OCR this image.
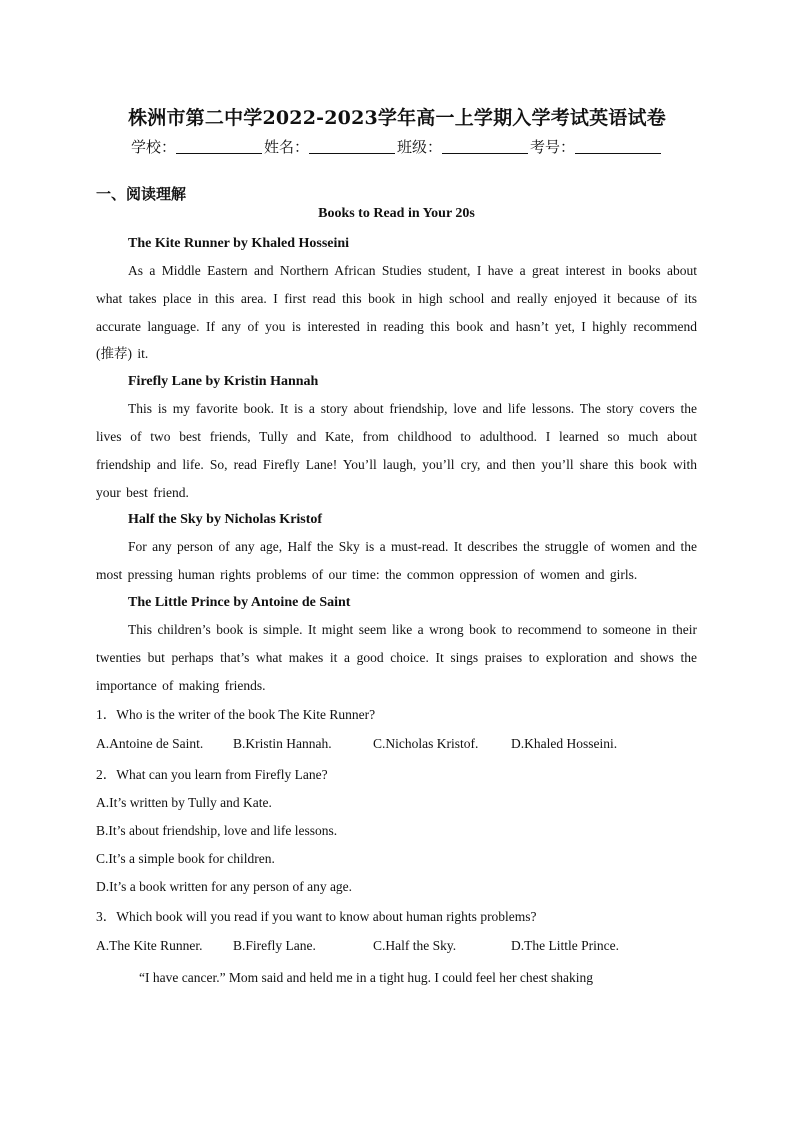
株洲市第二中学2022-2023学年高一上学期入学考试英语试卷
学校：	姓名：	班级：	考号：
一、阅读理解
Books to Read in Your 20s
The Kite Runner by Khaled Hosseini
As a Middle Eastern and Northern African Studies student, I have a great interest in books about what takes place in this area. I first read this book in high school and really enjoyed it because of its accurate language. If any of you is interested in reading this book and hasn’t yet, I highly recommend (推荐) it.
Firefly Lane by Kristin Hannah
This is my favorite book. It is a story about friendship, love and life lessons. The story covers the lives of two best friends, Tully and Kate, from childhood to adulthood. I learned so much about friendship and life. So, read Firefly Lane! You’ll laugh, you’ll cry, and then you’ll share this book with your best friend.
Half the Sky by Nicholas Kristof
For any person of any age, Half the Sky is a must-read. It describes the struggle of women and the most pressing human rights problems of our time: the common oppression of women and girls.
The Little Prince by Antoine de Saint
This children’s book is simple. It might seem like a wrong book to recommend to someone in their twenties but perhaps that’s what makes it a good choice. It sings praises to exploration and shows the importance of making friends.
1．Who is the writer of the book The Kite Runner?
A.Antoine de Saint.	B.Kristin Hannah.	C.Nicholas Kristof.	D.Khaled Hosseini.
2．What can you learn from Firefly Lane?
A.It’s written by Tully and Kate.
B.It’s about friendship, love and life lessons.
C.It’s a simple book for children.
D.It’s a book written for any person of any age.
3．Which book will you read if you want to know about human rights problems?
A.The Kite Runner.	B.Firefly Lane.	C.Half the Sky.	D.The Little Prince.
“I have cancer.” Mom said and held me in a tight hug. I could feel her chest shaking
